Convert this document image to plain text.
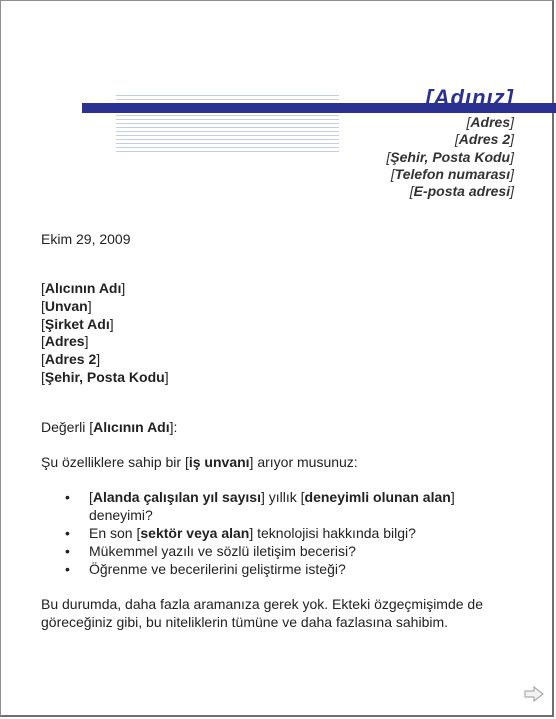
[Adınız]
[Adres]
[Adres 2]
[Şehir, Posta Kodu]
[Telefon numarası]
[E-posta adresi]
Ekim 29, 2009
[Alıcının Adı]
[Unvan]
[Şirket Adı]
[Adres]
[Adres 2]
[Şehir, Posta Kodu]
Değerli [Alıcının Adı]:
Şu özelliklere sahip bir [iş unvanı] arıyor musunuz:
• [Alanda çalışılan yıl sayısı] yıllık [deneyimli olunan alan] deneyimi?
• En son [sektör veya alan] teknolojisi hakkında bilgi?
• Mükemmel yazılı ve sözlü iletişim becerisi?
• Öğrenme ve becerilerini geliştirme isteği?
Bu durumda, daha fazla aramanıza gerek yok. Ekteki özgeçmişimde de göreceğiniz gibi, bu niteliklerin tümüne ve daha fazlasına sahibim.
